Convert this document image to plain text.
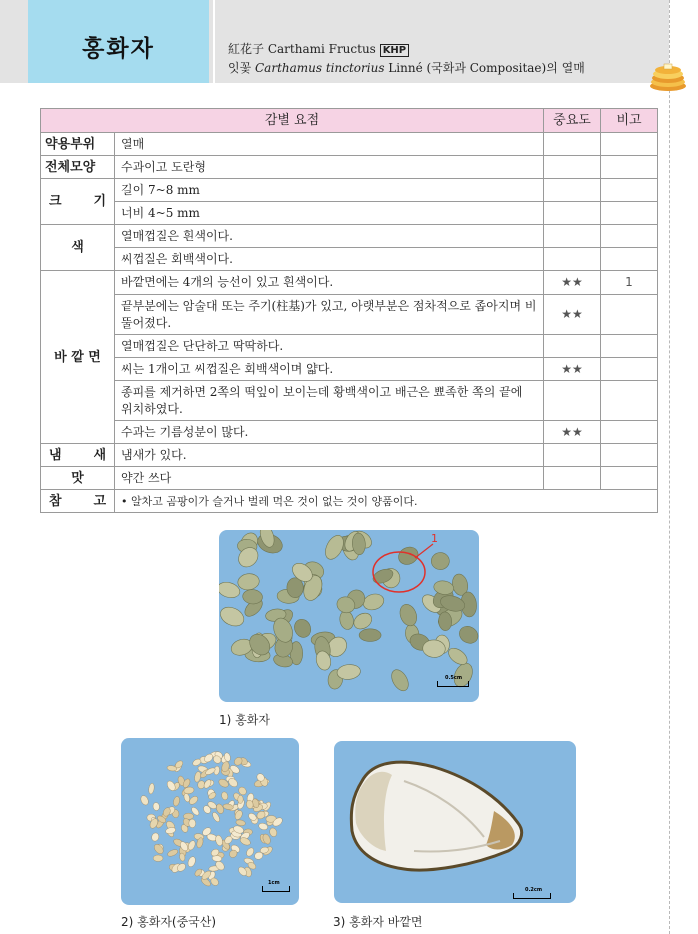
홍화자	紅花子 Carthami Fructus KHP
잇꽃 Carthamus tinctorius Linné (국화과 Compositae)의 열매
감별 요점		중요도	비고
약용부위	열매		
전체모양	수과이고 도란형		

크 기	길이 7~8 mm		
	너비 4~5 mm		
색	열매껍질은 흰색이다.		
	씨껍질은 회백색이다.		
바 깥 면	바깥면에는 4개의 능선이 있고 흰색이다.	★★	1
	끝부분에는 암술대 또는 주기(柱基)가 있고, 아랫부분은 점차적으로 좁아지며 비뚤어졌다.	★★	
	열매껍질은 단단하고 딱딱하다.		
	씨는 1개이고 씨껍질은 회백색이며 얇다.	★★	
	종피를 제거하면 2쪽의 떡잎이 보이는데 황백색이고 배근은 뾰족한 쪽의 끝에 위치하였다.		
	수과는 기름성분이 많다.	★★	

냄 새	냄새가 있다.		
맛	약간 쓰다		

참 고	• 알차고 곰팡이가 슬거나 벌레 먹은 것이 없는 것이 양품이다.		
1
0.5cm
1) 홍화자
1cm
2) 홍화자(중국산)
0.2cm
3) 홍화자 바깥면
